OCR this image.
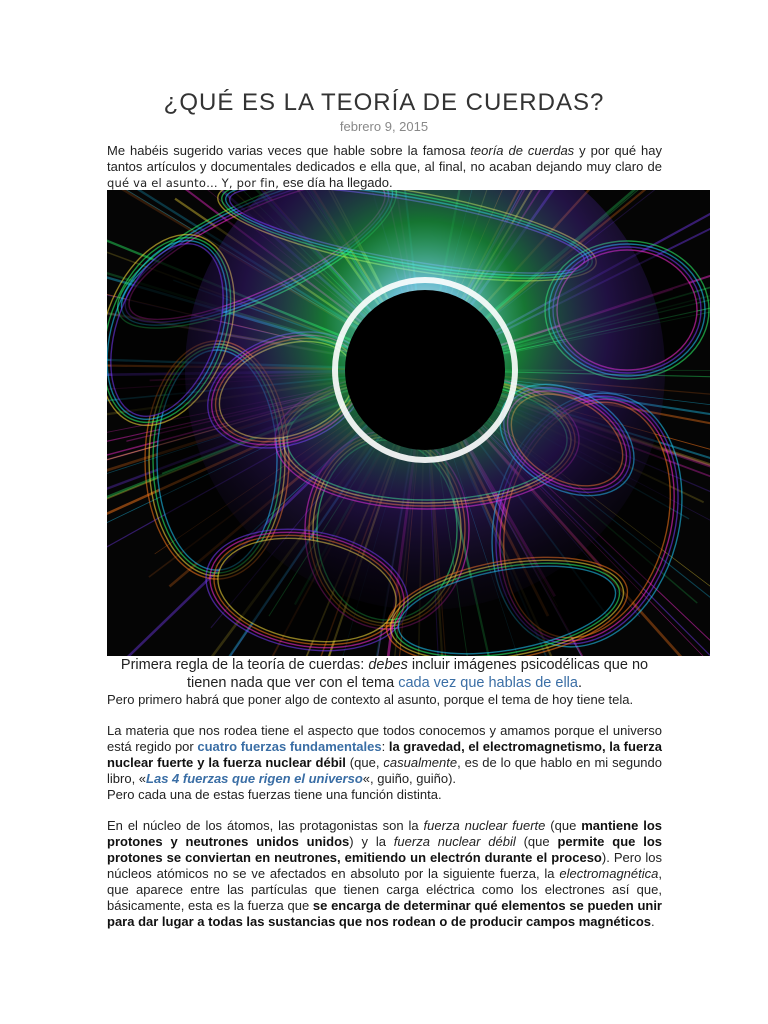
¿QUÉ ES LA TEORÍA DE CUERDAS?
febrero 9, 2015

Me habéis sugerido varias veces que hable sobre la famosa teoría de cuerdas y por qué hay tantos artículos y documentales dedicados e ella que, al final, no acaban dejando muy claro de qué va el asunto… Y, por fin, ese día ha llegado.

Primera regla de la teoría de cuerdas: debes incluir imágenes psicodélicas que no tienen nada que ver con el tema cada vez que hablas de ella.

Pero primero habrá que poner algo de contexto al asunto, porque el tema de hoy tiene tela.

La materia que nos rodea tiene el aspecto que todos conocemos y amamos porque el universo está regido por cuatro fuerzas fundamentales: la gravedad, el electromagnetismo, la fuerza nuclear fuerte y la fuerza nuclear débil (que, casualmente, es de lo que hablo en mi segundo libro, «Las 4 fuerzas que rigen el universo«, guiño, guiño).

Pero cada una de estas fuerzas tiene una función distinta.

En el núcleo de los átomos, las protagonistas son la fuerza nuclear fuerte (que mantiene los protones y neutrones unidos unidos) y la fuerza nuclear débil (que permite que los protones se conviertan en neutrones, emitiendo un electrón durante el proceso). Pero los núcleos atómicos no se ve afectados en absoluto por la siguiente fuerza, la electromagnética, que aparece entre las partículas que tienen carga eléctrica como los electrones así que, básicamente, esta es la fuerza que se encarga de determinar qué elementos se pueden unir para dar lugar a todas las sustancias que nos rodean o de producir campos magnéticos.
